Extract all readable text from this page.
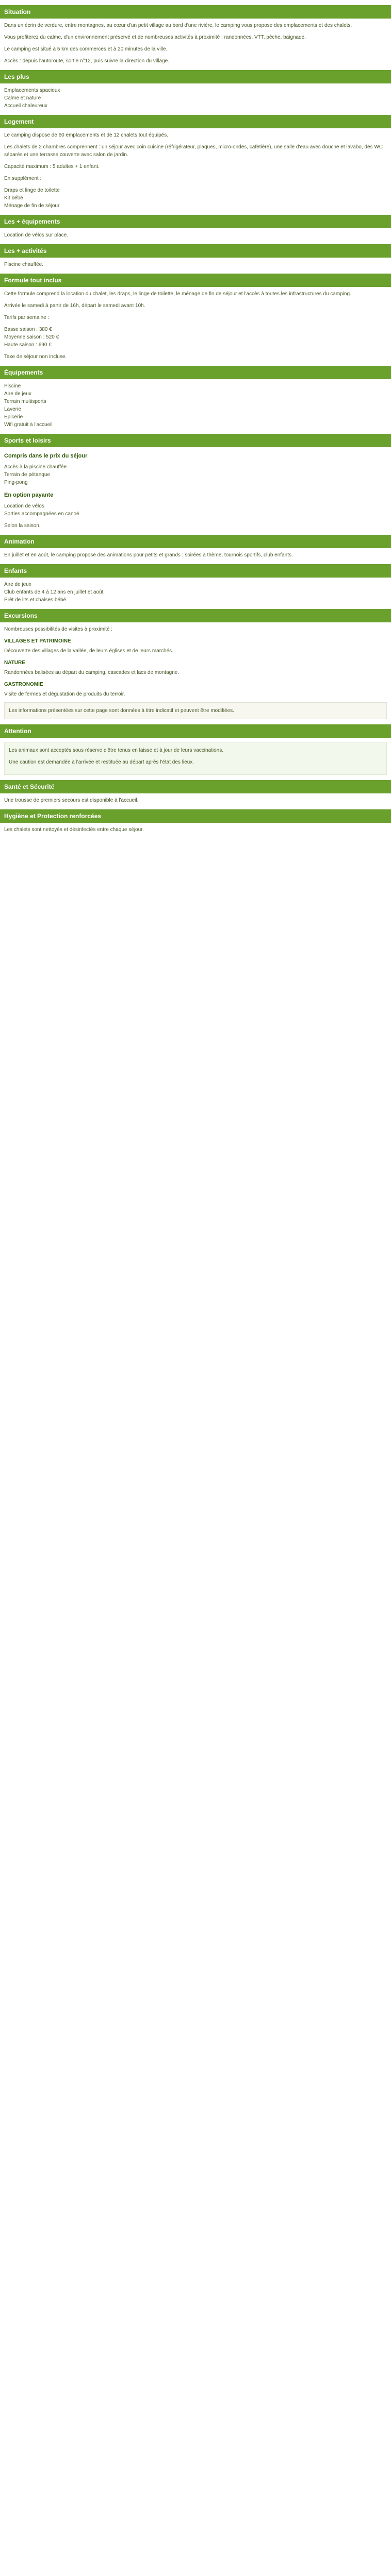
Situation

Dans un écrin de verdure, entre montagnes, au cœur d'un petit village au bord d'une rivière, le camping vous propose des emplacements et des chalets.

Vous profiterez du calme, d'un environnement préservé et de nombreuses activités à proximité : randonnées, VTT, pêche, baignade.

Le camping est situé à 5 km des commerces et à 20 minutes de la ville.

Accès : depuis l'autoroute, sortie n°12, puis suivre la direction du village.

Les plus
Emplacements spacieux
Calme et nature
Accueil chaleureux
Logement

Le camping dispose de 60 emplacements et de 12 chalets tout équipés.

Les chalets de 2 chambres comprennent : un séjour avec coin cuisine (réfrigérateur, plaques, micro-ondes, cafetière), une salle d'eau avec douche et lavabo, des WC séparés et une terrasse couverte avec salon de jardin.

Capacité maximum : 5 adultes + 1 enfant.

En supplément :

Draps et linge de toilette
Kit bébé
Ménage de fin de séjour
Les + équipements

Location de vélos sur place.

Les + activités

Piscine chauffée.

Formule tout inclus

Cette formule comprend la location du chalet, les draps, le linge de toilette, le ménage de fin de séjour et l'accès à toutes les infrastructures du camping.

Arrivée le samedi à partir de 16h, départ le samedi avant 10h.

Tarifs par semaine :

Basse saison : 380 €
Moyenne saison : 520 €
Haute saison : 690 €

Taxe de séjour non incluse.

Équipements
Piscine
Aire de jeux
Terrain multisports
Laverie
Épicerie
Wifi gratuit à l'accueil
Sports et loisirs
Compris dans le prix du séjour
Accès à la piscine chauffée
Terrain de pétanque
Ping-pong
En option payante
Location de vélos
Sorties accompagnées en canoë

Selon la saison.

Animation

En juillet et en août, le camping propose des animations pour petits et grands : soirées à thème, tournois sportifs, club enfants.

Enfants
Aire de jeux
Club enfants de 4 à 12 ans en juillet et août
Prêt de lits et chaises bébé
Excursions

Nombreuses possibilités de visites à proximité :

VILLAGES ET PATRIMOINE

Découverte des villages de la vallée, de leurs églises et de leurs marchés.

NATURE

Randonnées balisées au départ du camping, cascades et lacs de montagne.

GASTRONOMIE

Visite de fermes et dégustation de produits du terroir.

Les informations présentées sur cette page sont données à titre indicatif et peuvent être modifiées.
Attention

Les animaux sont acceptés sous réserve d'être tenus en laisse et à jour de leurs vaccinations.

Une caution est demandée à l'arrivée et restituée au départ après l'état des lieux.

Santé et Sécurité

Une trousse de premiers secours est disponible à l'accueil.

Hygiène et Protection renforcées

Les chalets sont nettoyés et désinfectés entre chaque séjour.
